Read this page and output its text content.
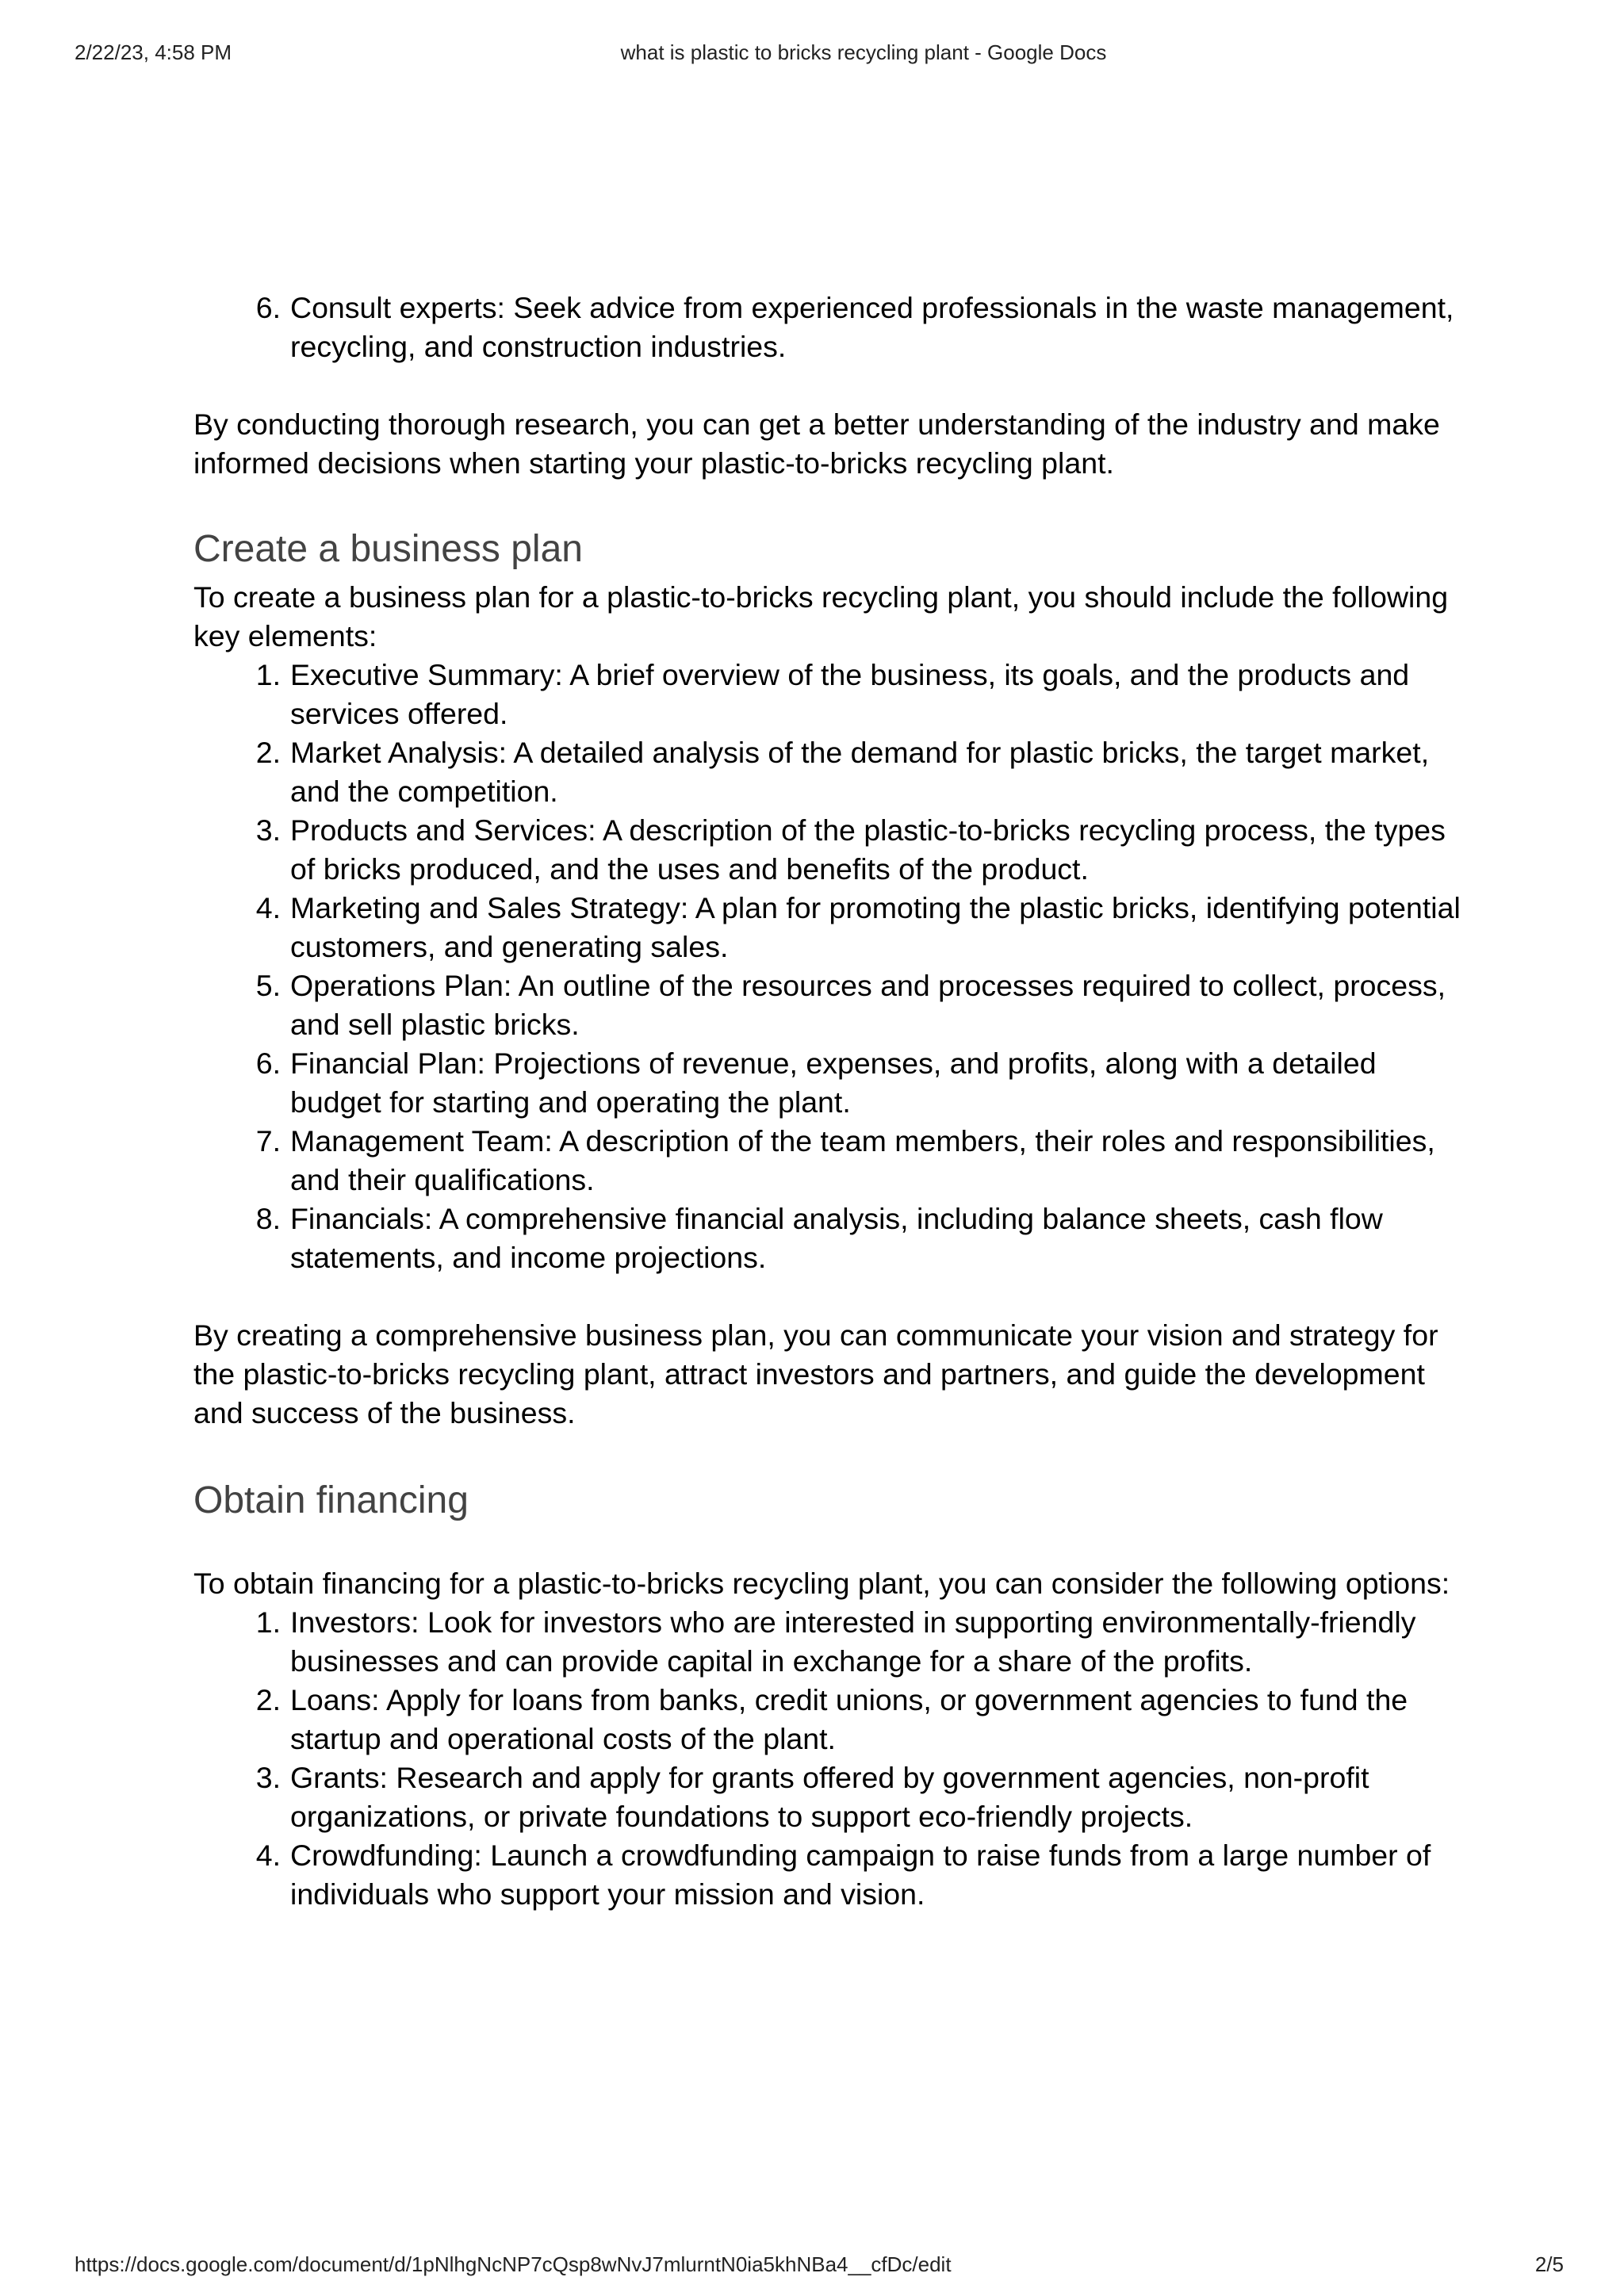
2/22/23, 4:58 PM	what is plastic to bricks recycling plant - Google Docs
6. Consult experts: Seek advice from experienced professionals in the waste management, recycling, and construction industries.

By conducting thorough research, you can get a better understanding of the industry and make informed decisions when starting your plastic-to-bricks recycling plant.

Create a business plan

To create a business plan for a plastic-to-bricks recycling plant, you should include the following key elements:

1. Executive Summary: A brief overview of the business, its goals, and the products and services offered.
2. Market Analysis: A detailed analysis of the demand for plastic bricks, the target market, and the competition.
3. Products and Services: A description of the plastic-to-bricks recycling process, the types of bricks produced, and the uses and benefits of the product.
4. Marketing and Sales Strategy: A plan for promoting the plastic bricks, identifying potential customers, and generating sales.
5. Operations Plan: An outline of the resources and processes required to collect, process, and sell plastic bricks.
6. Financial Plan: Projections of revenue, expenses, and profits, along with a detailed budget for starting and operating the plant.
7. Management Team: A description of the team members, their roles and responsibilities, and their qualifications.
8. Financials: A comprehensive financial analysis, including balance sheets, cash flow statements, and income projections.

By creating a comprehensive business plan, you can communicate your vision and strategy for the plastic-to-bricks recycling plant, attract investors and partners, and guide the development and success of the business.

Obtain financing

To obtain financing for a plastic-to-bricks recycling plant, you can consider the following options:

1. Investors: Look for investors who are interested in supporting environmentally-friendly businesses and can provide capital in exchange for a share of the profits.
2. Loans: Apply for loans from banks, credit unions, or government agencies to fund the startup and operational costs of the plant.
3. Grants: Research and apply for grants offered by government agencies, non-profit organizations, or private foundations to support eco-friendly projects.
4. Crowdfunding: Launch a crowdfunding campaign to raise funds from a large number of individuals who support your mission and vision.
https://docs.google.com/document/d/1pNlhgNcNP7cQsp8wNvJ7mlurntN0ia5khNBa4__cfDc/edit	2/5
